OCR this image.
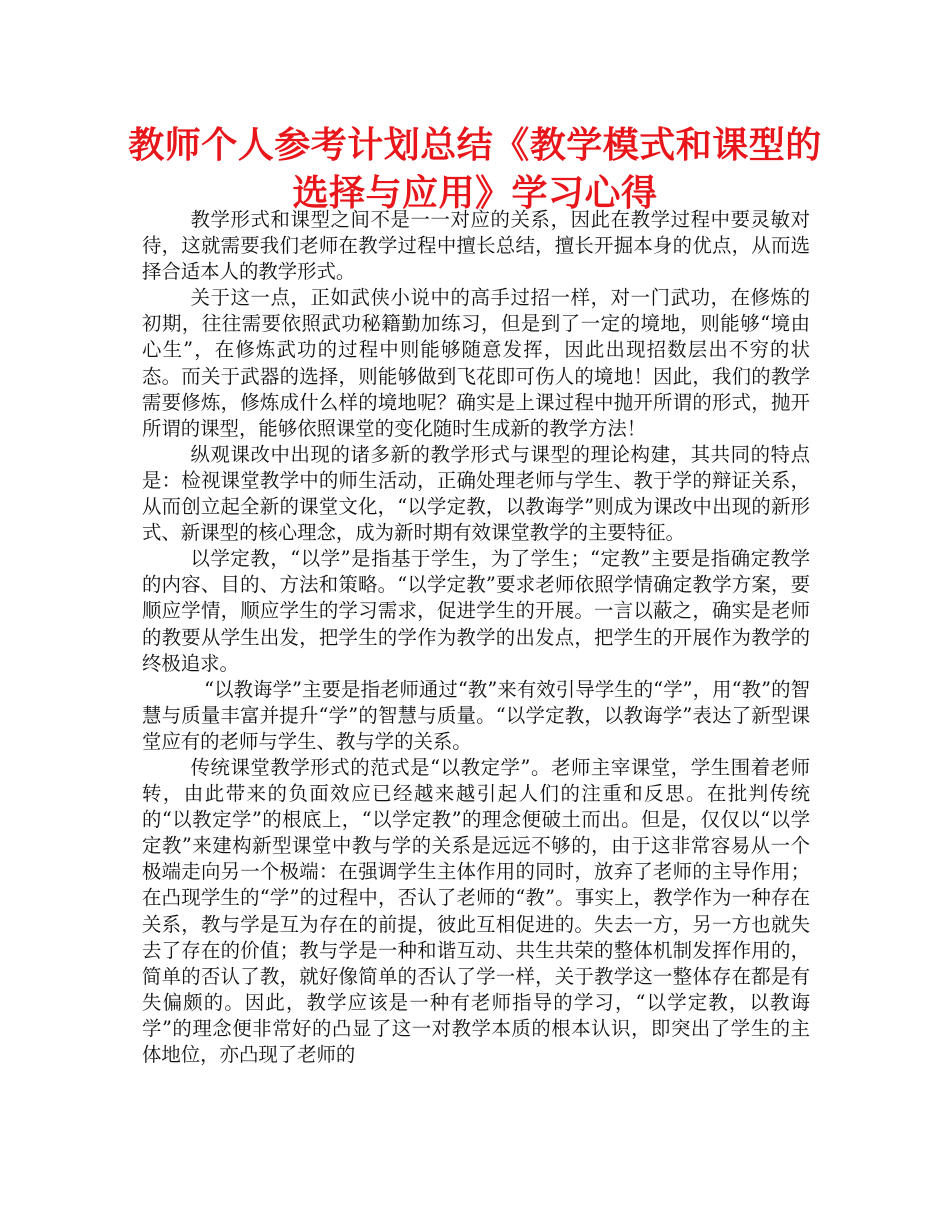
教师个人参考计划总结《教学模式和课型的选择与应用》学习心得

教学形式和课型之间不是一一对应的关系，因此在教学过程中要灵敏对待，这就需要我们老师在教学过程中擅长总结，擅长开掘本身的优点，从而选择合适本人的教学形式。

关于这一点，正如武侠小说中的高手过招一样，对一门武功，在修炼的初期，往往需要依照武功秘籍勤加练习，但是到了一定的境地，则能够“境由心生”，在修炼武功的过程中则能够随意发挥，因此出现招数层出不穷的状态。而关于武器的选择，则能够做到飞花即可伤人的境地！因此，我们的教学需要修炼，修炼成什么样的境地呢？确实是上课过程中抛开所谓的形式，抛开所谓的课型，能够依照课堂的变化随时生成新的教学方法！

纵观课改中出现的诸多新的教学形式与课型的理论构建，其共同的特点是：检视课堂教学中的师生活动，正确处理老师与学生、教于学的辩证关系，从而创立起全新的课堂文化，“以学定教，以教诲学”则成为课改中出现的新形式、新课型的核心理念，成为新时期有效课堂教学的主要特征。

以学定教，“以学”是指基于学生，为了学生；“定教”主要是指确定教学的内容、目的、方法和策略。“以学定教”要求老师依照学情确定教学方案，要顺应学情，顺应学生的学习需求，促进学生的开展。一言以蔽之，确实是老师的教要从学生出发，把学生的学作为教学的出发点，把学生的开展作为教学的终极追求。

“以教诲学”主要是指老师通过“教”来有效引导学生的“学”，用“教”的智慧与质量丰富并提升“学”的智慧与质量。“以学定教，以教诲学”表达了新型课堂应有的老师与学生、教与学的关系。

传统课堂教学形式的范式是“以教定学”。老师主宰课堂，学生围着老师转，由此带来的负面效应已经越来越引起人们的注重和反思。在批判传统的“以教定学”的根底上，“以学定教”的理念便破土而出。但是，仅仅以“以学定教”来建构新型课堂中教与学的关系是远远不够的，由于这非常容易从一个极端走向另一个极端：在强调学生主体作用的同时，放弃了老师的主导作用；在凸现学生的“学”的过程中，否认了老师的“教”。事实上，教学作为一种存在关系，教与学是互为存在的前提，彼此互相促进的。失去一方，另一方也就失去了存在的价值；教与学是一种和谐互动、共生共荣的整体机制发挥作用的，简单的否认了教，就好像简单的否认了学一样，关于教学这一整体存在都是有失偏颇的。因此，教学应该是一种有老师指导的学习，“以学定教，以教诲学”的理念便非常好的凸显了这一对教学本质的根本认识，即突出了学生的主体地位，亦凸现了老师的
